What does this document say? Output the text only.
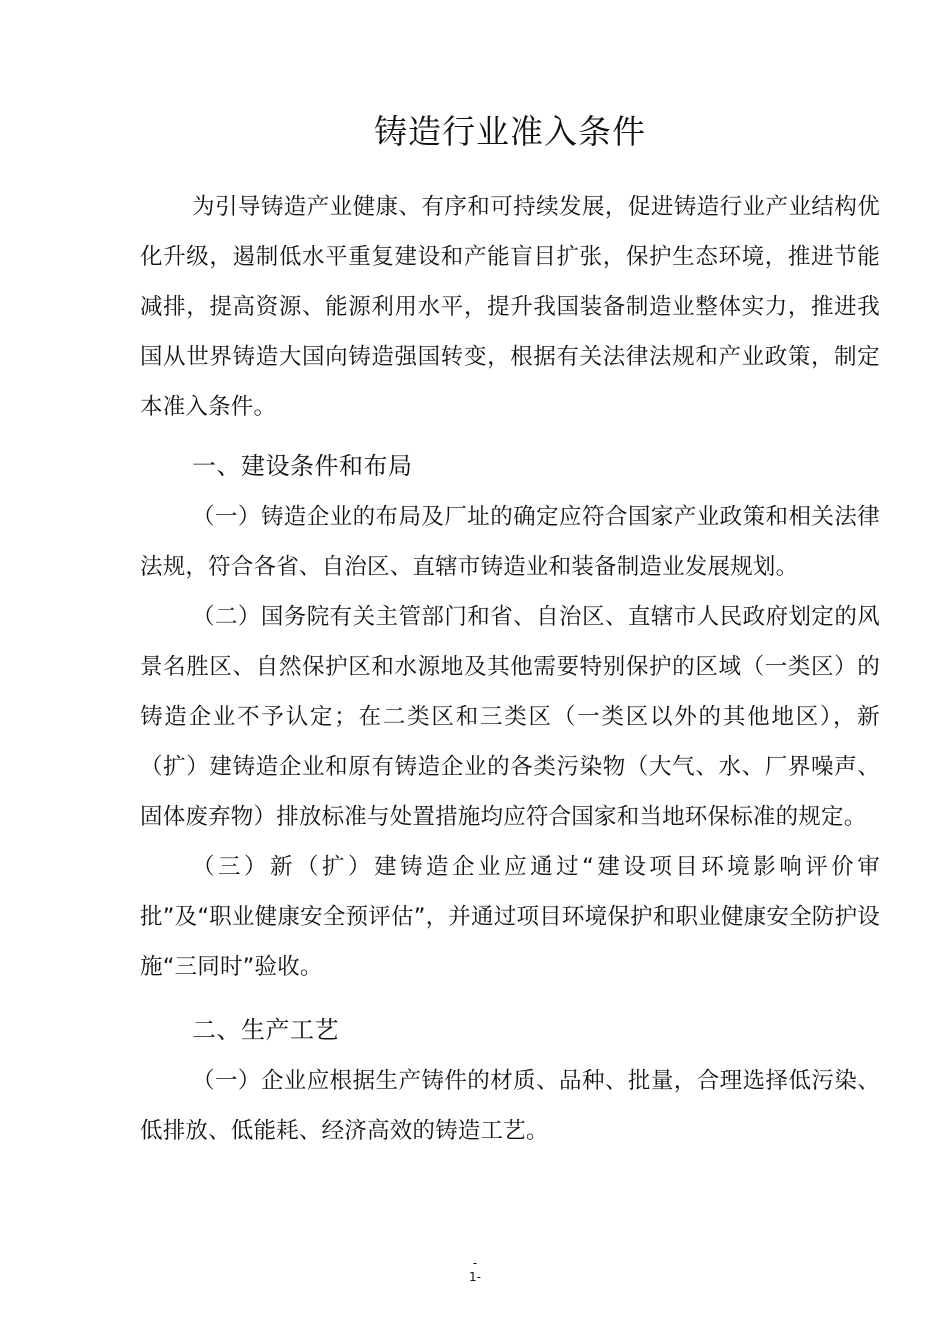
铸造行业准入条件

为引导铸造产业健康、有序和可持续发展，促进铸造行业产业结构优化升级，遏制低水平重复建设和产能盲目扩张，保护生态环境，推进节能减排，提高资源、能源利用水平，提升我国装备制造业整体实力，推进我国从世界铸造大国向铸造强国转变，根据有关法律法规和产业政策，制定本准入条件。

一、建设条件和布局

（一）铸造企业的布局及厂址的确定应符合国家产业政策和相关法律法规，符合各省、自治区、直辖市铸造业和装备制造业发展规划。

（二）国务院有关主管部门和省、自治区、直辖市人民政府划定的风景名胜区、自然保护区和水源地及其他需要特别保护的区域（一类区）的铸造企业不予认定；在二类区和三类区（一类区以外的其他地区），新（扩）建铸造企业和原有铸造企业的各类污染物（大气、水、厂界噪声、固体废弃物）排放标准与处置措施均应符合国家和当地环保标准的规定。

（三）新（扩）建铸造企业应通过“建设项目环境影响评价审批”及“职业健康安全预评估”，并通过项目环境保护和职业健康安全防护设施“三同时”验收。

二、生产工艺

（一）企业应根据生产铸件的材质、品种、批量，合理选择低污染、低排放、低能耗、经济高效的铸造工艺。

-
1-
